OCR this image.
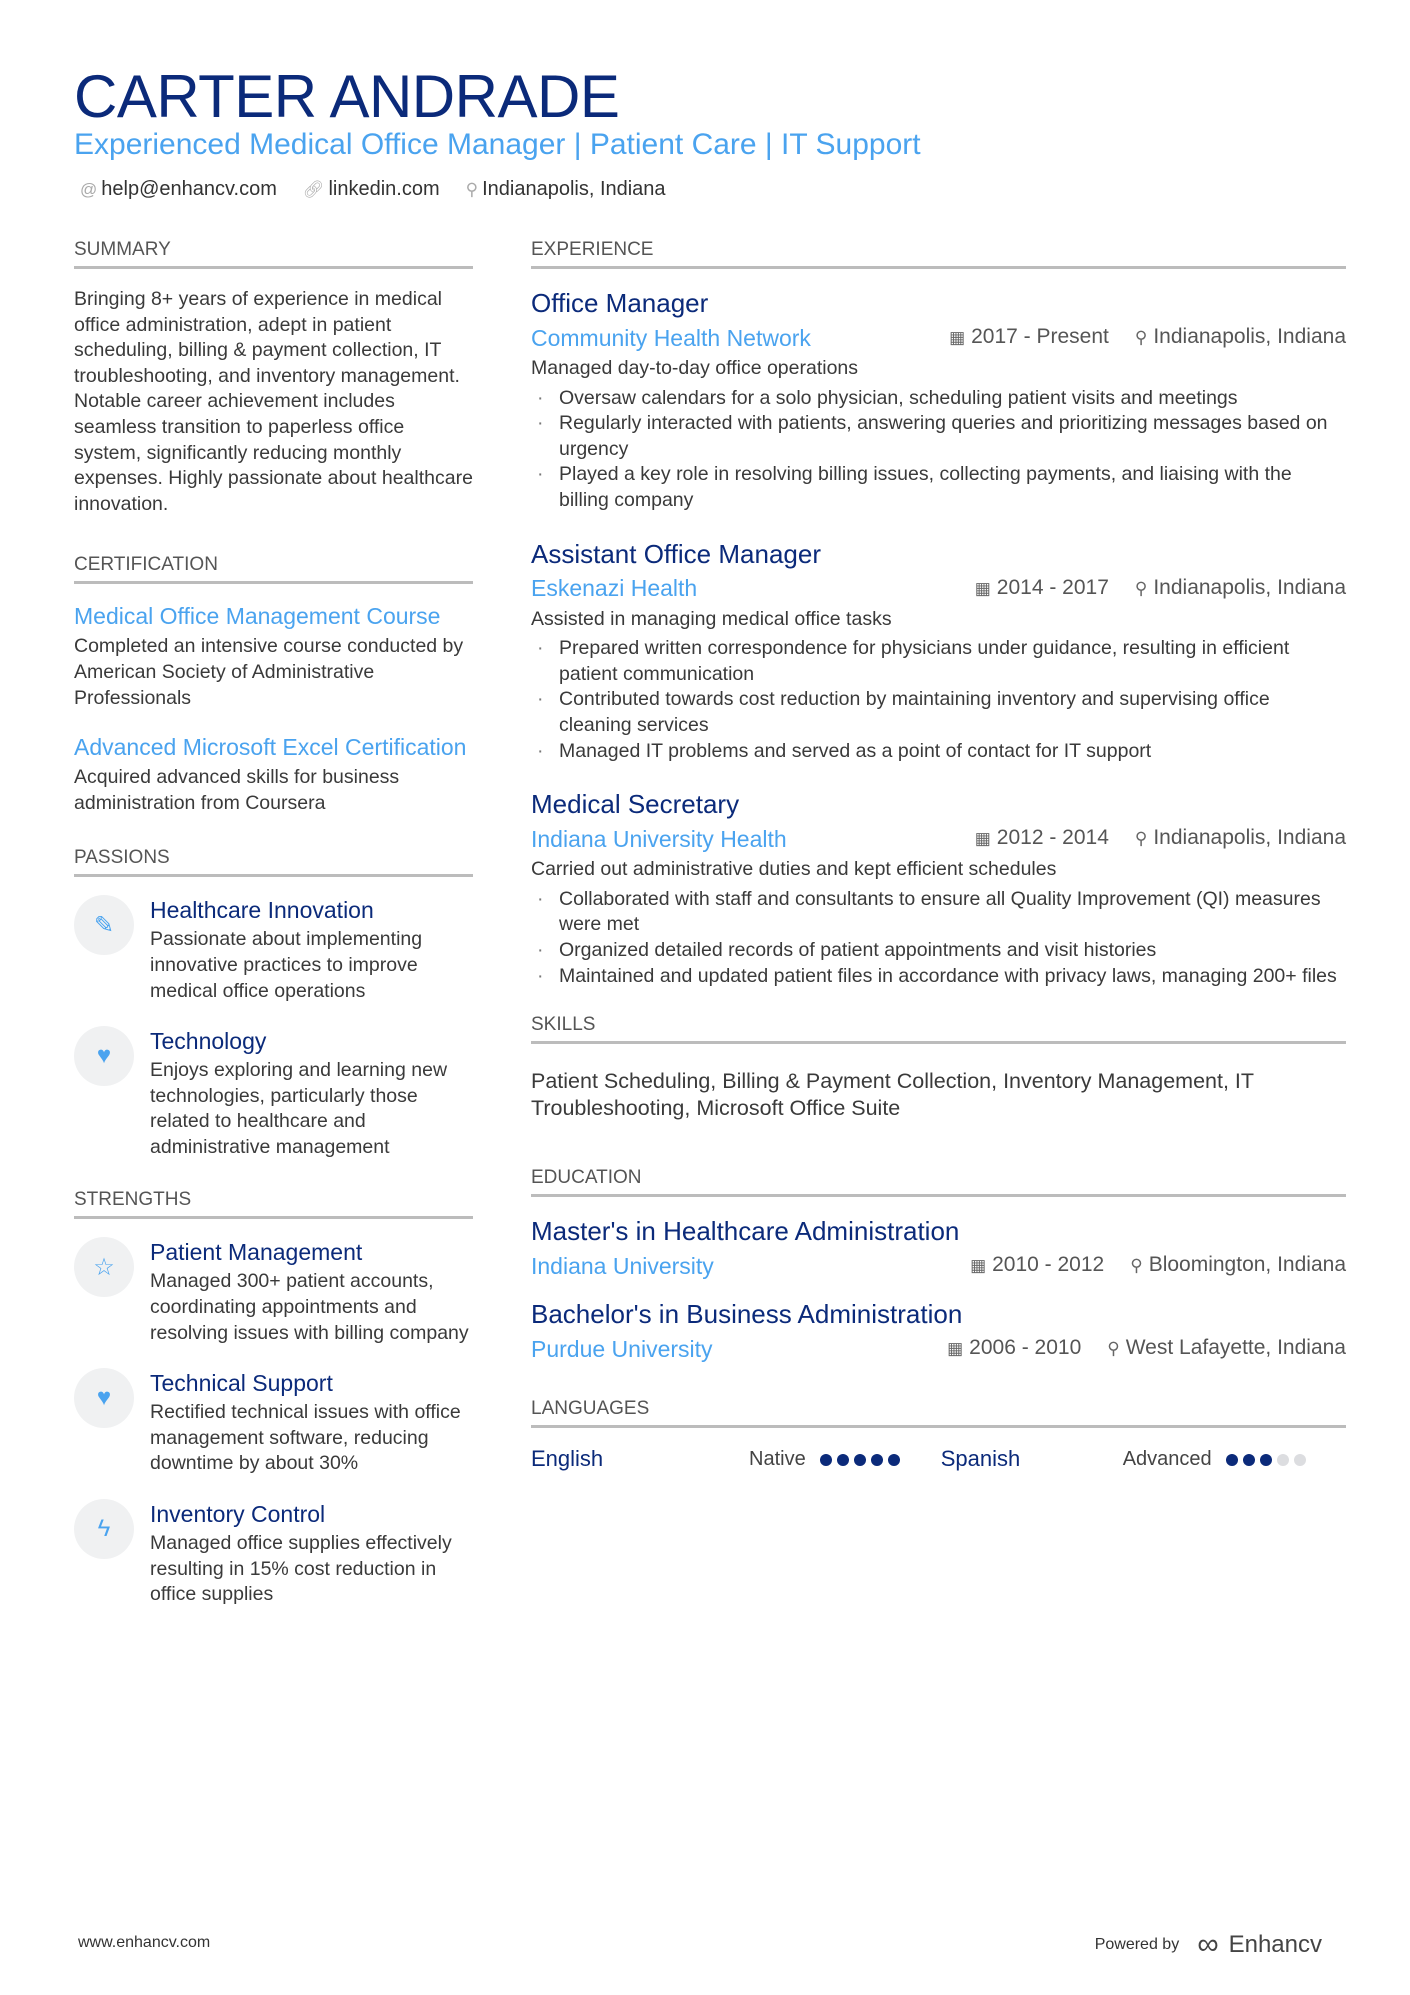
CARTER ANDRADE
Experienced Medical Office Manager | Patient Care | IT Support
@ help@enhancv.com 🔗︎ linkedin.com ⚲ Indianapolis, Indiana
SUMMARY
Bringing 8+ years of experience in medical office administration, adept in patient scheduling, billing & payment collection, IT troubleshooting, and inventory management. Notable career achievement includes seamless transition to paperless office system, significantly reducing monthly expenses. Highly passionate about healthcare innovation.
CERTIFICATION
Medical Office Management Course
Completed an intensive course conducted by American Society of Administrative Professionals
Advanced Microsoft Excel Certification
Acquired advanced skills for business administration from Coursera
PASSIONS
✎
Healthcare Innovation
Passionate about implementing innovative practices to improve medical office operations
♥
Technology
Enjoys exploring and learning new technologies, particularly those related to healthcare and administrative management
STRENGTHS
☆
Patient Management
Managed 300+ patient accounts, coordinating appointments and resolving issues with billing company
♥
Technical Support
Rectified technical issues with office management software, reducing downtime by about 30%
ϟ
Inventory Control
Managed office supplies effectively resulting in 15% cost reduction in office supplies
EXPERIENCE
Office Manager
Community Health Network	▦ 2017 - Present ⚲ Indianapolis, Indiana
Managed day-to-day office operations
· Oversaw calendars for a solo physician, scheduling patient visits and meetings
· Regularly interacted with patients, answering queries and prioritizing messages based on urgency
· Played a key role in resolving billing issues, collecting payments, and liaising with the billing company
Assistant Office Manager
Eskenazi Health	▦ 2014 - 2017 ⚲ Indianapolis, Indiana
Assisted in managing medical office tasks
· Prepared written correspondence for physicians under guidance, resulting in efficient patient communication
· Contributed towards cost reduction by maintaining inventory and supervising office cleaning services
· Managed IT problems and served as a point of contact for IT support
Medical Secretary
Indiana University Health	▦ 2012 - 2014 ⚲ Indianapolis, Indiana
Carried out administrative duties and kept efficient schedules
· Collaborated with staff and consultants to ensure all Quality Improvement (QI) measures were met
· Organized detailed records of patient appointments and visit histories
· Maintained and updated patient files in accordance with privacy laws, managing 200+ files
SKILLS
Patient Scheduling, Billing & Payment Collection, Inventory Management, IT Troubleshooting, Microsoft Office Suite
EDUCATION
Master's in Healthcare Administration
Indiana University	▦ 2010 - 2012 ⚲ Bloomington, Indiana
Bachelor's in Business Administration
Purdue University	▦ 2006 - 2010 ⚲ West Lafayette, Indiana
LANGUAGES
English	Native	Spanish	Advanced
www.enhancv.com	Powered by ∞ Enhancv
